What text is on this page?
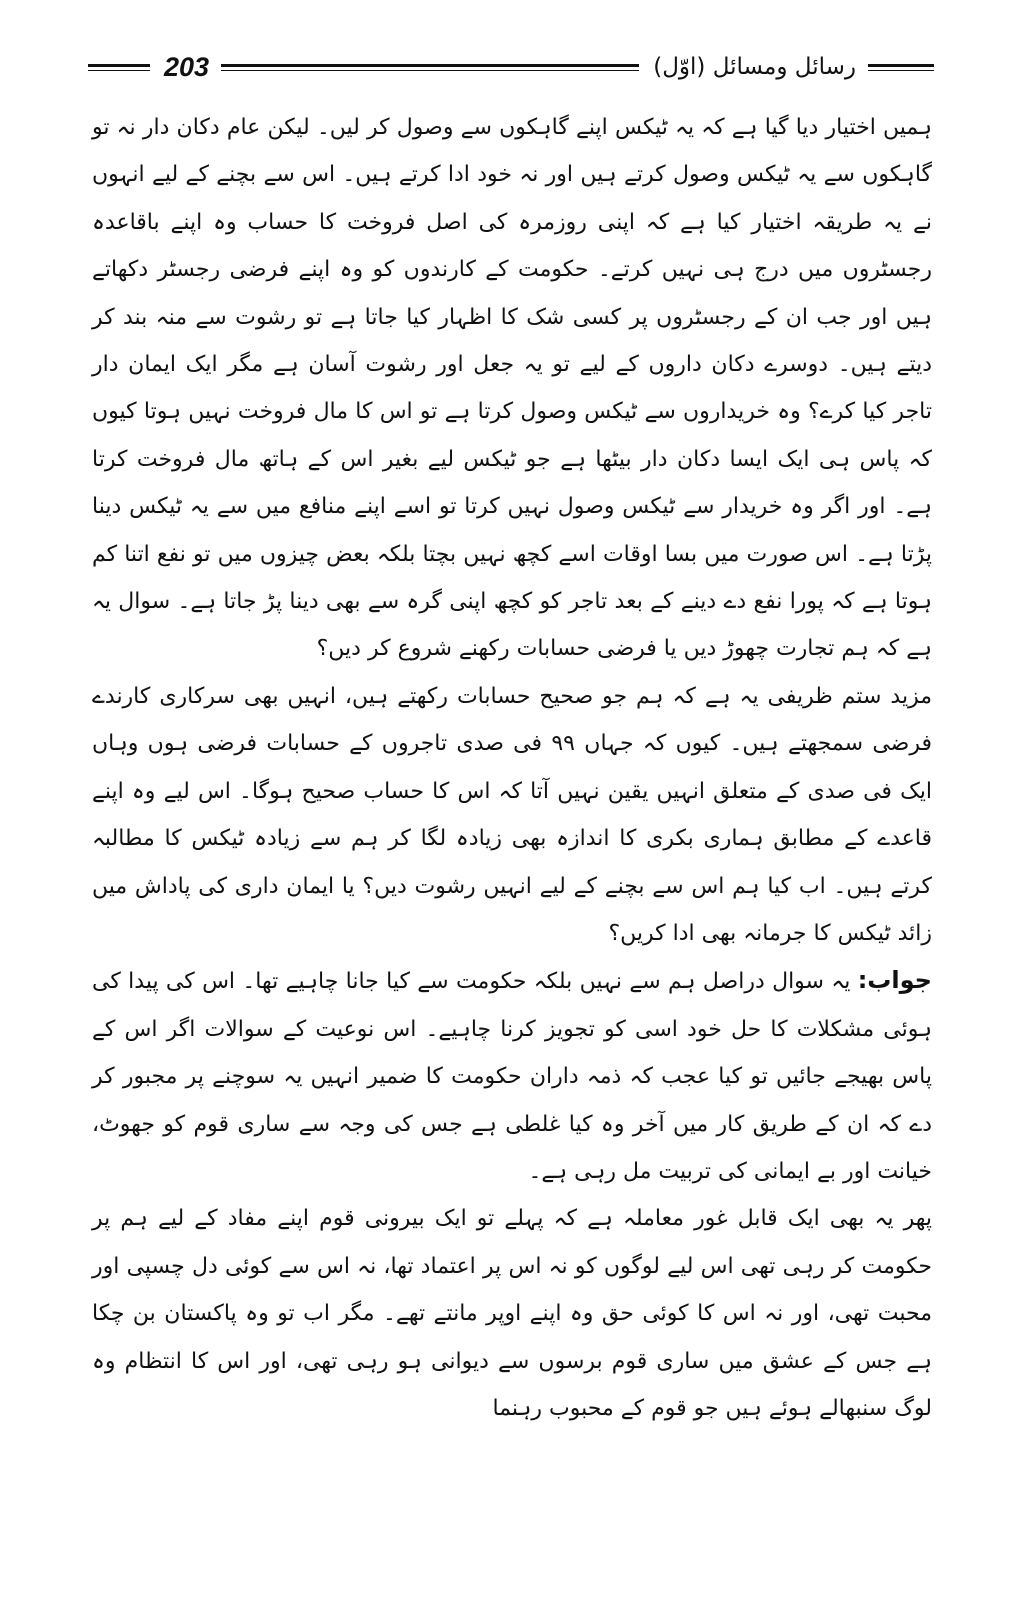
203	رسائل ومسائل (اوّل)

ہمیں اختیار دیا گیا ہے کہ یہ ٹیکس اپنے گاہکوں سے وصول کر لیں۔ لیکن عام دکان دار نہ تو گاہکوں سے یہ ٹیکس وصول کرتے ہیں اور نہ خود ادا کرتے ہیں۔ اس سے بچنے کے لیے انہوں نے یہ طریقہ اختیار کیا ہے کہ اپنی روزمرہ کی اصل فروخت کا حساب وہ اپنے باقاعدہ رجسٹروں میں درج ہی نہیں کرتے۔ حکومت کے کارندوں کو وہ اپنے فرضی رجسٹر دکھاتے ہیں اور جب ان کے رجسٹروں پر کسی شک کا اظہار کیا جاتا ہے تو رشوت سے منہ بند کر دیتے ہیں۔ دوسرے دکان داروں کے لیے تو یہ جعل اور رشوت آسان ہے مگر ایک ایمان دار تاجر کیا کرے؟ وہ خریداروں سے ٹیکس وصول کرتا ہے تو اس کا مال فروخت نہیں ہوتا کیوں کہ پاس ہی ایک ایسا دکان دار بیٹھا ہے جو ٹیکس لیے بغیر اس کے ہاتھ مال فروخت کرتا ہے۔ اور اگر وہ خریدار سے ٹیکس وصول نہیں کرتا تو اسے اپنے منافع میں سے یہ ٹیکس دینا پڑتا ہے۔ اس صورت میں بسا اوقات اسے کچھ نہیں بچتا بلکہ بعض چیزوں میں تو نفع اتنا کم ہوتا ہے کہ پورا نفع دے دینے کے بعد تاجر کو کچھ اپنی گرہ سے بھی دینا پڑ جاتا ہے۔ سوال یہ ہے کہ ہم تجارت چھوڑ دیں یا فرضی حسابات رکھنے شروع کر دیں؟

مزید ستم ظریفی یہ ہے کہ ہم جو صحیح حسابات رکھتے ہیں، انہیں بھی سرکاری کارندے فرضی سمجھتے ہیں۔ کیوں کہ جہاں ۹۹ فی صدی تاجروں کے حسابات فرضی ہوں وہاں ایک فی صدی کے متعلق انہیں یقین نہیں آتا کہ اس کا حساب صحیح ہوگا۔ اس لیے وہ اپنے قاعدے کے مطابق ہماری بکری کا اندازہ بھی زیادہ لگا کر ہم سے زیادہ ٹیکس کا مطالبہ کرتے ہیں۔ اب کیا ہم اس سے بچنے کے لیے انہیں رشوت دیں؟ یا ایمان داری کی پاداش میں زائد ٹیکس کا جرمانہ بھی ادا کریں؟

جواب: یہ سوال دراصل ہم سے نہیں بلکہ حکومت سے کیا جانا چاہیے تھا۔ اس کی پیدا کی ہوئی مشکلات کا حل خود اسی کو تجویز کرنا چاہیے۔ اس نوعیت کے سوالات اگر اس کے پاس بھیجے جائیں تو کیا عجب کہ ذمہ داران حکومت کا ضمیر انہیں یہ سوچنے پر مجبور کر دے کہ ان کے طریق کار میں آخر وہ کیا غلطی ہے جس کی وجہ سے ساری قوم کو جھوٹ، خیانت اور بے ایمانی کی تربیت مل رہی ہے۔

پھر یہ بھی ایک قابل غور معاملہ ہے کہ پہلے تو ایک بیرونی قوم اپنے مفاد کے لیے ہم پر حکومت کر رہی تھی اس لیے لوگوں کو نہ اس پر اعتماد تھا، نہ اس سے کوئی دل چسپی اور محبت تھی، اور نہ اس کا کوئی حق وہ اپنے اوپر مانتے تھے۔ مگر اب تو وہ پاکستان بن چکا ہے جس کے عشق میں ساری قوم برسوں سے دیوانی ہو رہی تھی، اور اس کا انتظام وہ لوگ سنبھالے ہوئے ہیں جو قوم کے محبوب رہنما
